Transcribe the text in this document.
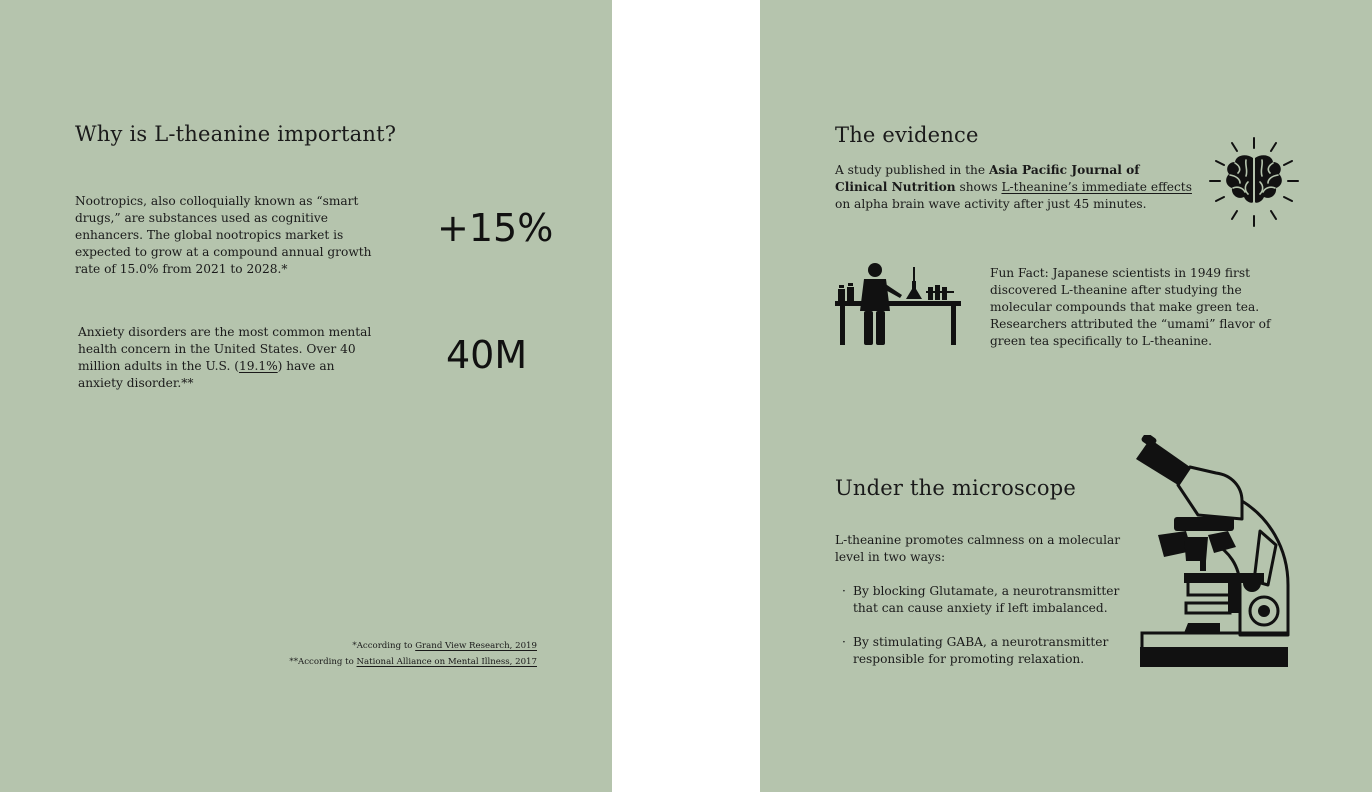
Why is L-theanine important?

Nootropics, also colloquially known as “smart drugs,” are substances used as cognitive enhancers. The global nootropics market is expected to grow at a compound annual growth rate of 15.0% from 2021 to 2028.*

+15%

Anxiety disorders are the most common mental health concern in the United States. Over 40 million adults in the U.S. (19.1%) have an anxiety disorder.**

40M
*According to Grand View Research, 2019
**According to National Alliance on Mental Illness, 2017
The evidence

A study published in the Asia Pacific Journal of Clinical Nutrition shows L-theanine’s immediate effects on alpha brain wave activity after just 45 minutes.

Fun Fact: Japanese scientists in 1949 first discovered L-theanine after studying the molecular compounds that make green tea. Researchers attributed the “umami” flavor of green tea specifically to L-theanine.

Under the microscope

L-theanine promotes calmness on a molecular level in two ways:

· By blocking Glutamate, a neurotransmitter that can cause anxiety if left imbalanced.
· By stimulating GABA, a neurotransmitter responsible for promoting relaxation.
